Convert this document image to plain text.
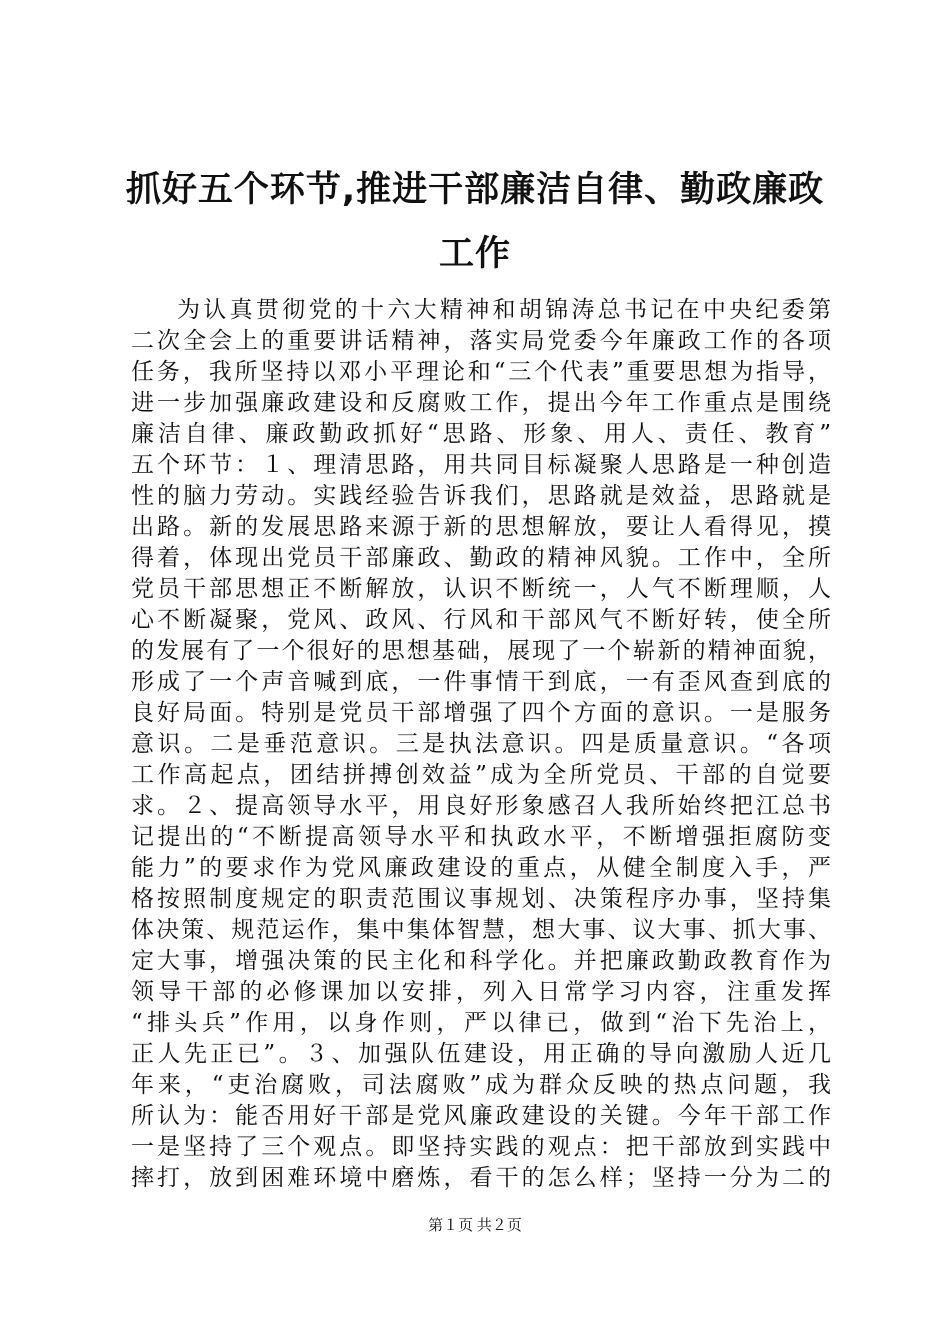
抓好五个环节,推进干部廉洁自律、勤政廉政
工作
为认真贯彻党的十六大精神和胡锦涛总书记在中央纪委第
二次全会上的重要讲话精神，落实局党委今年廉政工作的各项
任务，我所坚持以邓小平理论和“三个代表”重要思想为指导，
进一步加强廉政建设和反腐败工作，提出今年工作重点是围绕
廉洁自律、廉政勤政抓好“思路、形象、用人、责任、教育”
五个环节：１、理清思路，用共同目标凝聚人思路是一种创造
性的脑力劳动。实践经验告诉我们，思路就是效益，思路就是
出路。新的发展思路来源于新的思想解放，要让人看得见，摸
得着，体现出党员干部廉政、勤政的精神风貌。工作中，全所
党员干部思想正不断解放，认识不断统一，人气不断理顺，人
心不断凝聚，党风、政风、行风和干部风气不断好转，使全所
的发展有了一个很好的思想基础，展现了一个崭新的精神面貌，
形成了一个声音喊到底，一件事情干到底，一有歪风查到底的
良好局面。特别是党员干部增强了四个方面的意识。一是服务
意识。二是垂范意识。三是执法意识。四是质量意识。“各项
工作高起点，团结拼搏创效益”成为全所党员、干部的自觉要
求。２、提高领导水平，用良好形象感召人我所始终把江总书
记提出的“不断提高领导水平和执政水平，不断增强拒腐防变
能力”的要求作为党风廉政建设的重点，从健全制度入手，严
格按照制度规定的职责范围议事规划、决策程序办事，坚持集
体决策、规范运作，集中集体智慧，想大事、议大事、抓大事、
定大事，增强决策的民主化和科学化。并把廉政勤政教育作为
领导干部的必修课加以安排，列入日常学习内容，注重发挥
“排头兵”作用，以身作则，严以律已，做到“治下先治上，
正人先正已”。３、加强队伍建设，用正确的导向激励人近几
年来，“吏治腐败，司法腐败”成为群众反映的热点问题，我
所认为：能否用好干部是党风廉政建设的关键。今年干部工作
一是坚持了三个观点。即坚持实践的观点：把干部放到实践中
摔打，放到困难环境中磨炼，看干的怎么样；坚持一分为二的
第１页 共２页
